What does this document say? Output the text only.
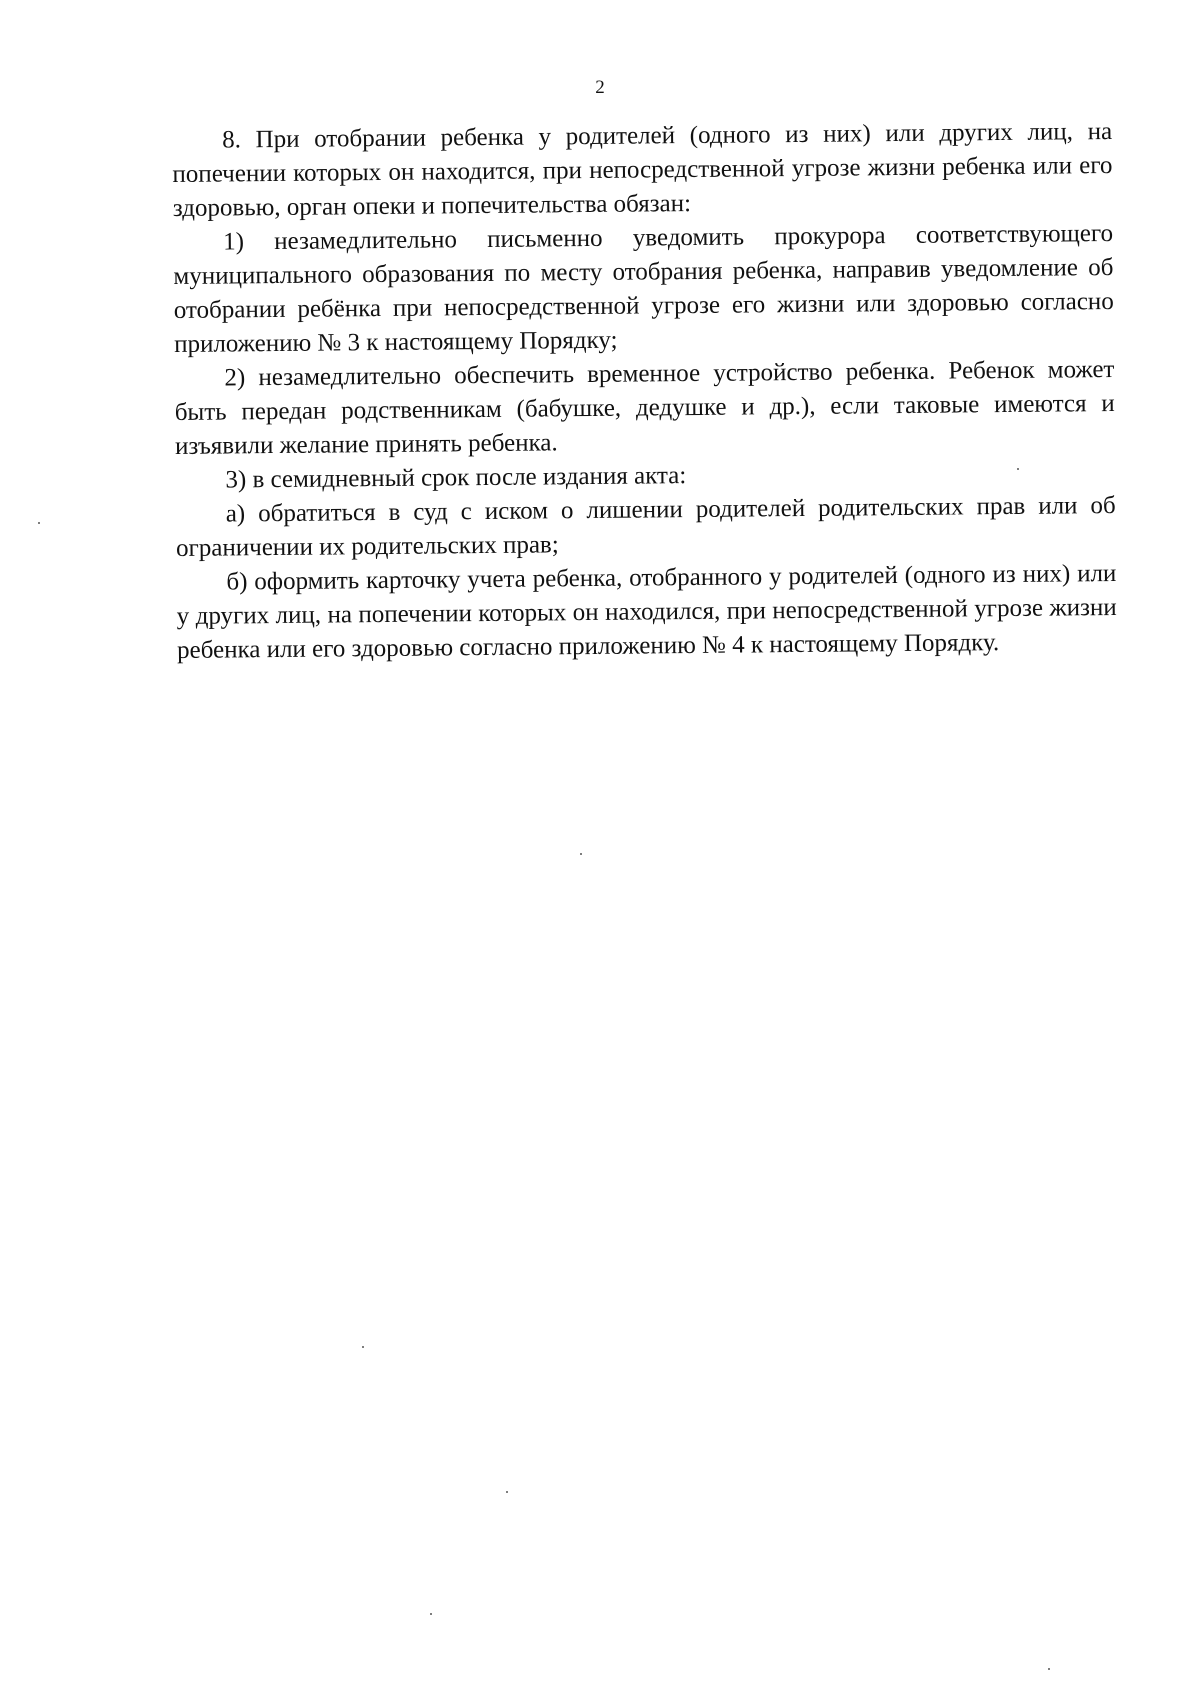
2

8. При отобрании ребенка у родителей (одного из них) или других лиц, на попечении которых он находится, при непосредственной угрозе жизни ребенка или его здоровью, орган опеки и попечительства обязан:

1) незамедлительно письменно уведомить прокурора соответствующего муниципального образования по месту отобрания ребенка, направив уведомление об отобрании ребёнка при непосредственной угрозе его жизни или здоровью согласно приложению № 3 к настоящему Порядку;

2) незамедлительно обеспечить временное устройство ребенка. Ребенок может быть передан родственникам (бабушке, дедушке и др.), если таковые имеются и изъявили желание принять ребенка.

3) в семидневный срок после издания акта:

а) обратиться в суд с иском о лишении родителей родительских прав или об ограничении их родительских прав;

б) оформить карточку учета ребенка, отобранного у родителей (одного из них) или у других лиц, на попечении которых он находился, при непосредственной угрозе жизни ребенка или его здоровью согласно приложению № 4 к настоящему Порядку.
